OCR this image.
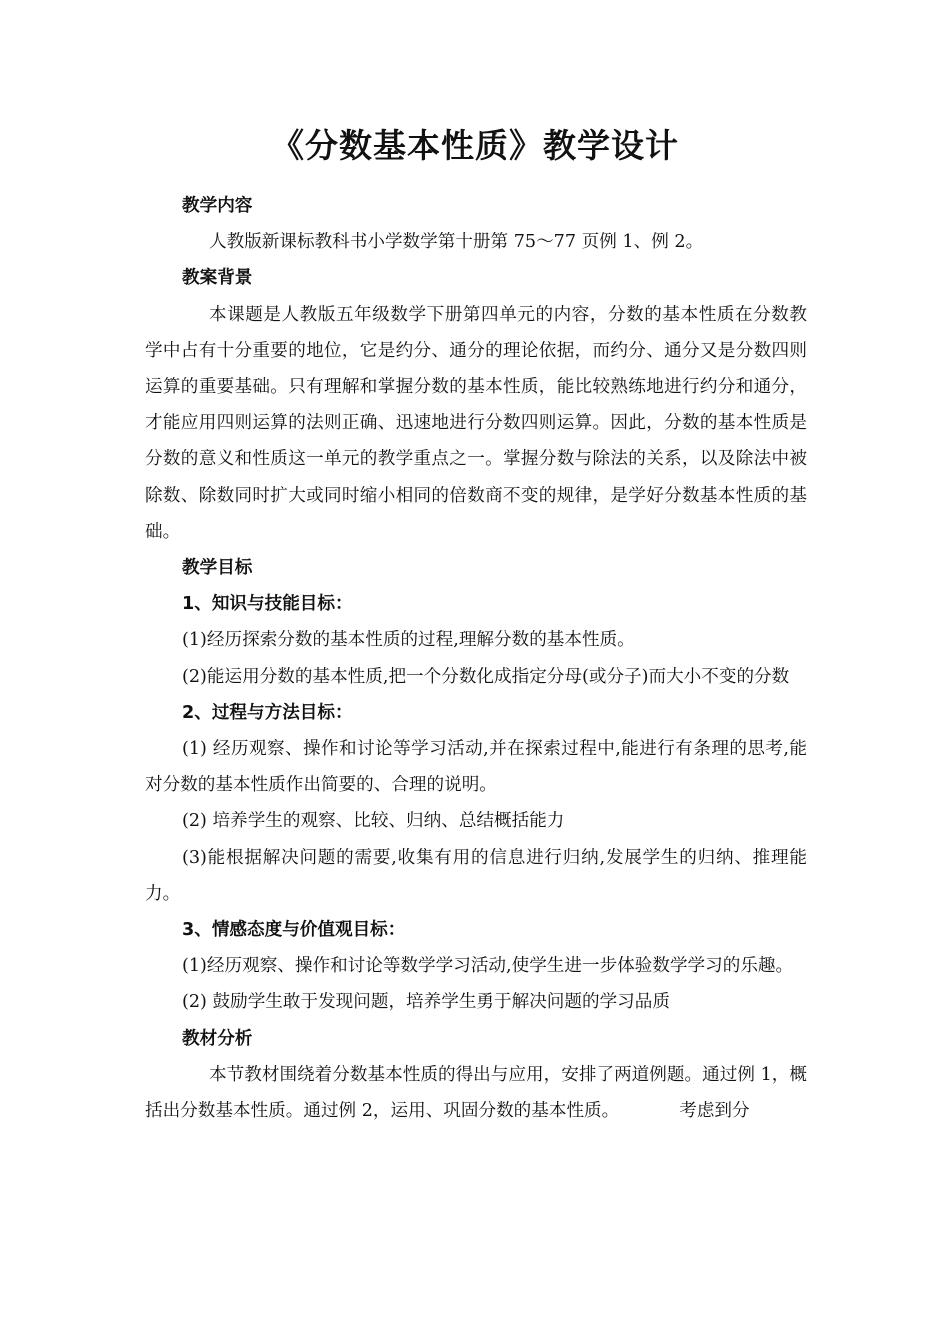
《分数基本性质》教学设计

教学内容

人教版新课标教科书小学数学第十册第 75～77 页例 1、例 2。

教案背景

本课题是人教版五年级数学下册第四单元的内容，分数的基本性质在分数教学中占有十分重要的地位，它是约分、通分的理论依据，而约分、通分又是分数四则运算的重要基础。只有理解和掌握分数的基本性质，能比较熟练地进行约分和通分，才能应用四则运算的法则正确、迅速地进行分数四则运算。因此，分数的基本性质是分数的意义和性质这一单元的教学重点之一。掌握分数与除法的关系，以及除法中被除数、除数同时扩大或同时缩小相同的倍数商不变的规律，是学好分数基本性质的基础。

教学目标

1、知识与技能目标：

(1)经历探索分数的基本性质的过程,理解分数的基本性质。

(2)能运用分数的基本性质,把一个分数化成指定分母(或分子)而大小不变的分数

2、过程与方法目标：

(1) 经历观察、操作和讨论等学习活动,并在探索过程中,能进行有条理的思考,能对分数的基本性质作出简要的、合理的说明。

(2) 培养学生的观察、比较、归纳、总结概括能力

(3)能根据解决问题的需要,收集有用的信息进行归纳,发展学生的归纳、推理能力。

3、情感态度与价值观目标：

(1)经历观察、操作和讨论等数学学习活动,使学生进一步体验数学学习的乐趣。

(2) 鼓励学生敢于发现问题，培养学生勇于解决问题的学习品质

教材分析

本节教材围绕着分数基本性质的得出与应用，安排了两道例题。通过例 1，概括出分数基本性质。通过例 2，运用、巩固分数的基本性质。	考虑到分
